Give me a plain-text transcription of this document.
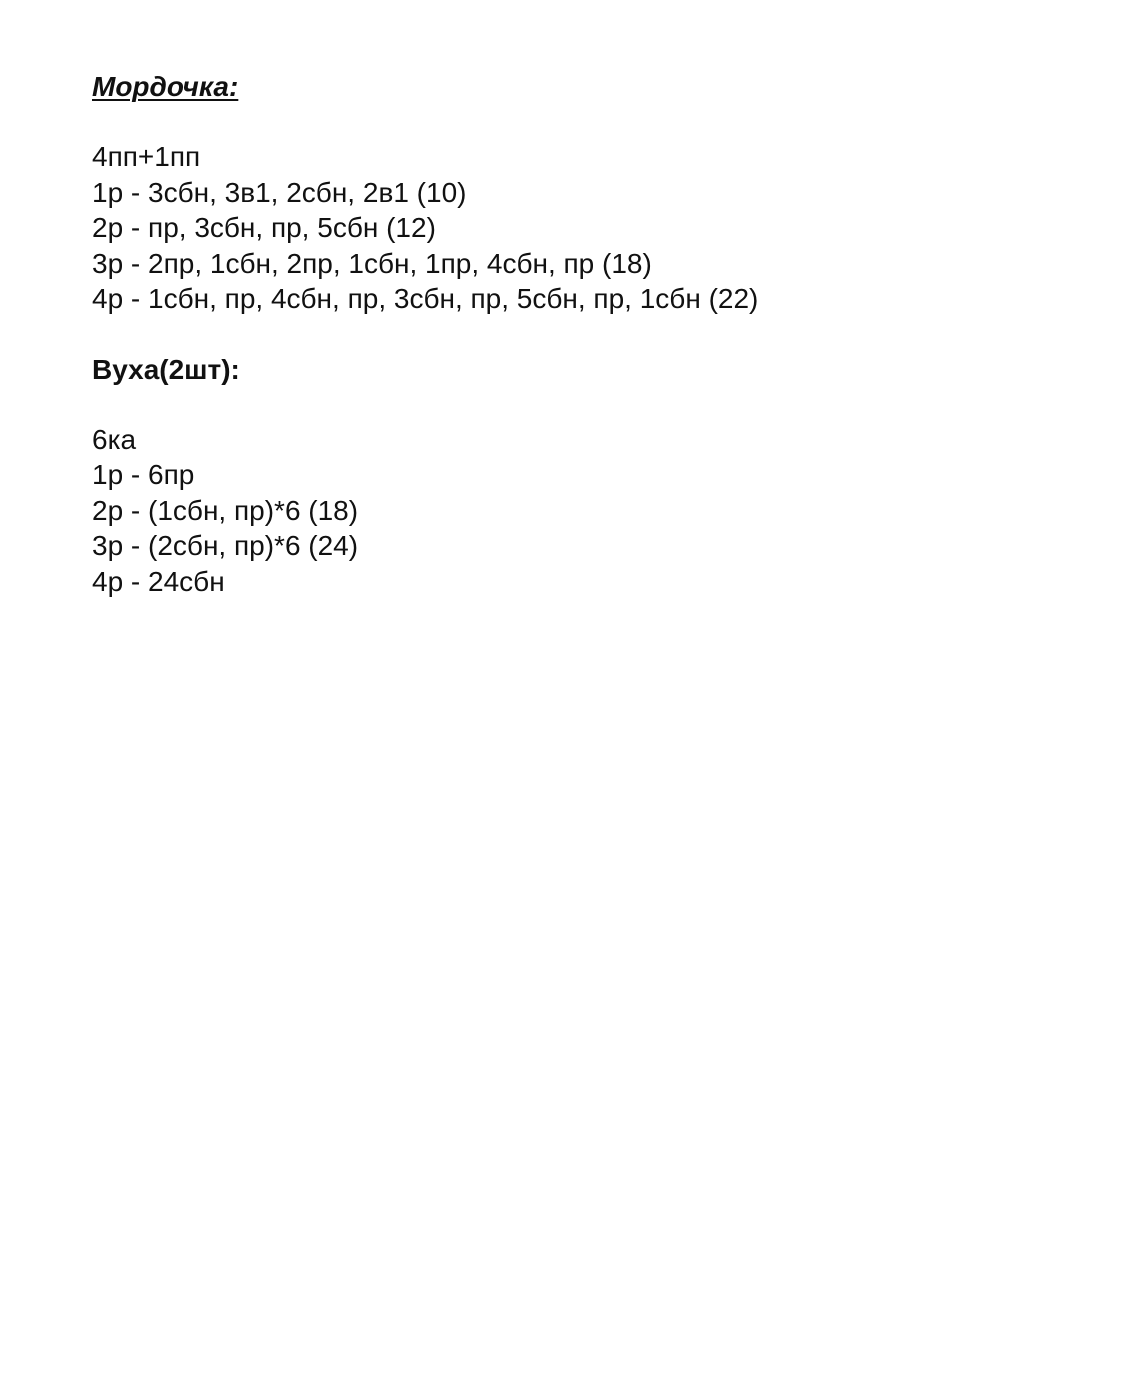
Мордочка:
4пп+1пп
1р - 3сбн, 3в1, 2сбн, 2в1 (10)
2р - пр, 3сбн, пр, 5сбн (12)
3р - 2пр, 1сбн, 2пр, 1сбн, 1пр, 4сбн, пр (18)
4р - 1сбн, пр, 4сбн, пр, 3сбн, пр, 5сбн, пр, 1сбн (22)
Вуха(2шт):
6ка
1р - 6пр
2р - (1сбн, пр)*6 (18)
3р - (2сбн, пр)*6 (24)
4р - 24сбн
